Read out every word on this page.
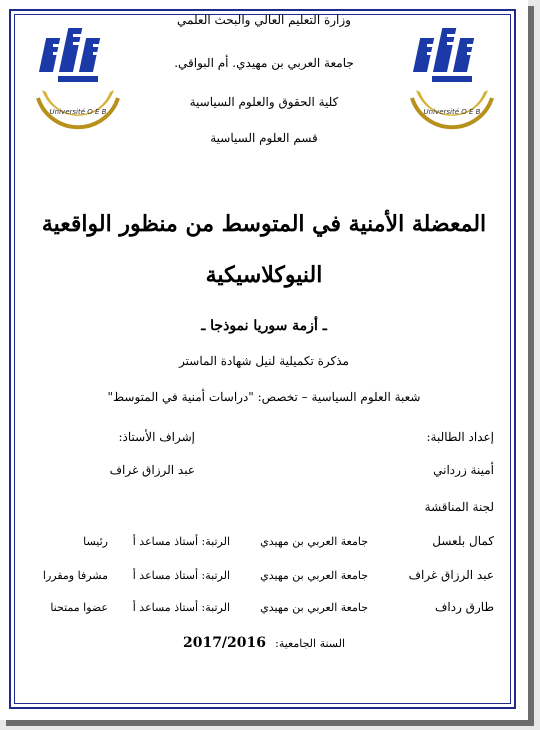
Université O E B	Université O E B
وزارة التعليم العالي والبحث العلمي
جامعة العربي بن مهيدي. أم البواقي.
كلية الحقوق والعلوم السياسية
قسم العلوم السياسية
المعضلة الأمنية في المتوسط من منظور الواقعية
النيوكلاسيكية
ـ أزمة سوريا نموذجا ـ
مذكرة تكميلية لنيل شهادة الماستر
شعبة العلوم السياسية – تخصص: "دراسات أمنية في المتوسط"
إعداد الطالبة:
إشراف الأستاذ:
أمينة زرداني
عبد الرزاق غراف
لجنة المناقشة
كمال بلعسل
جامعة العربي بن مهيدي
الرتبة: أستاذ مساعد أ
رئيسا
عبد الرزاق غراف
جامعة العربي بن مهيدي
الرتبة: أستاذ مساعد أ
مشرفا ومقررا
طارق رداف
جامعة العربي بن مهيدي
الرتبة: أستاذ مساعد أ
عضوا ممتحنا
السنة الجامعية: 2017/2016
